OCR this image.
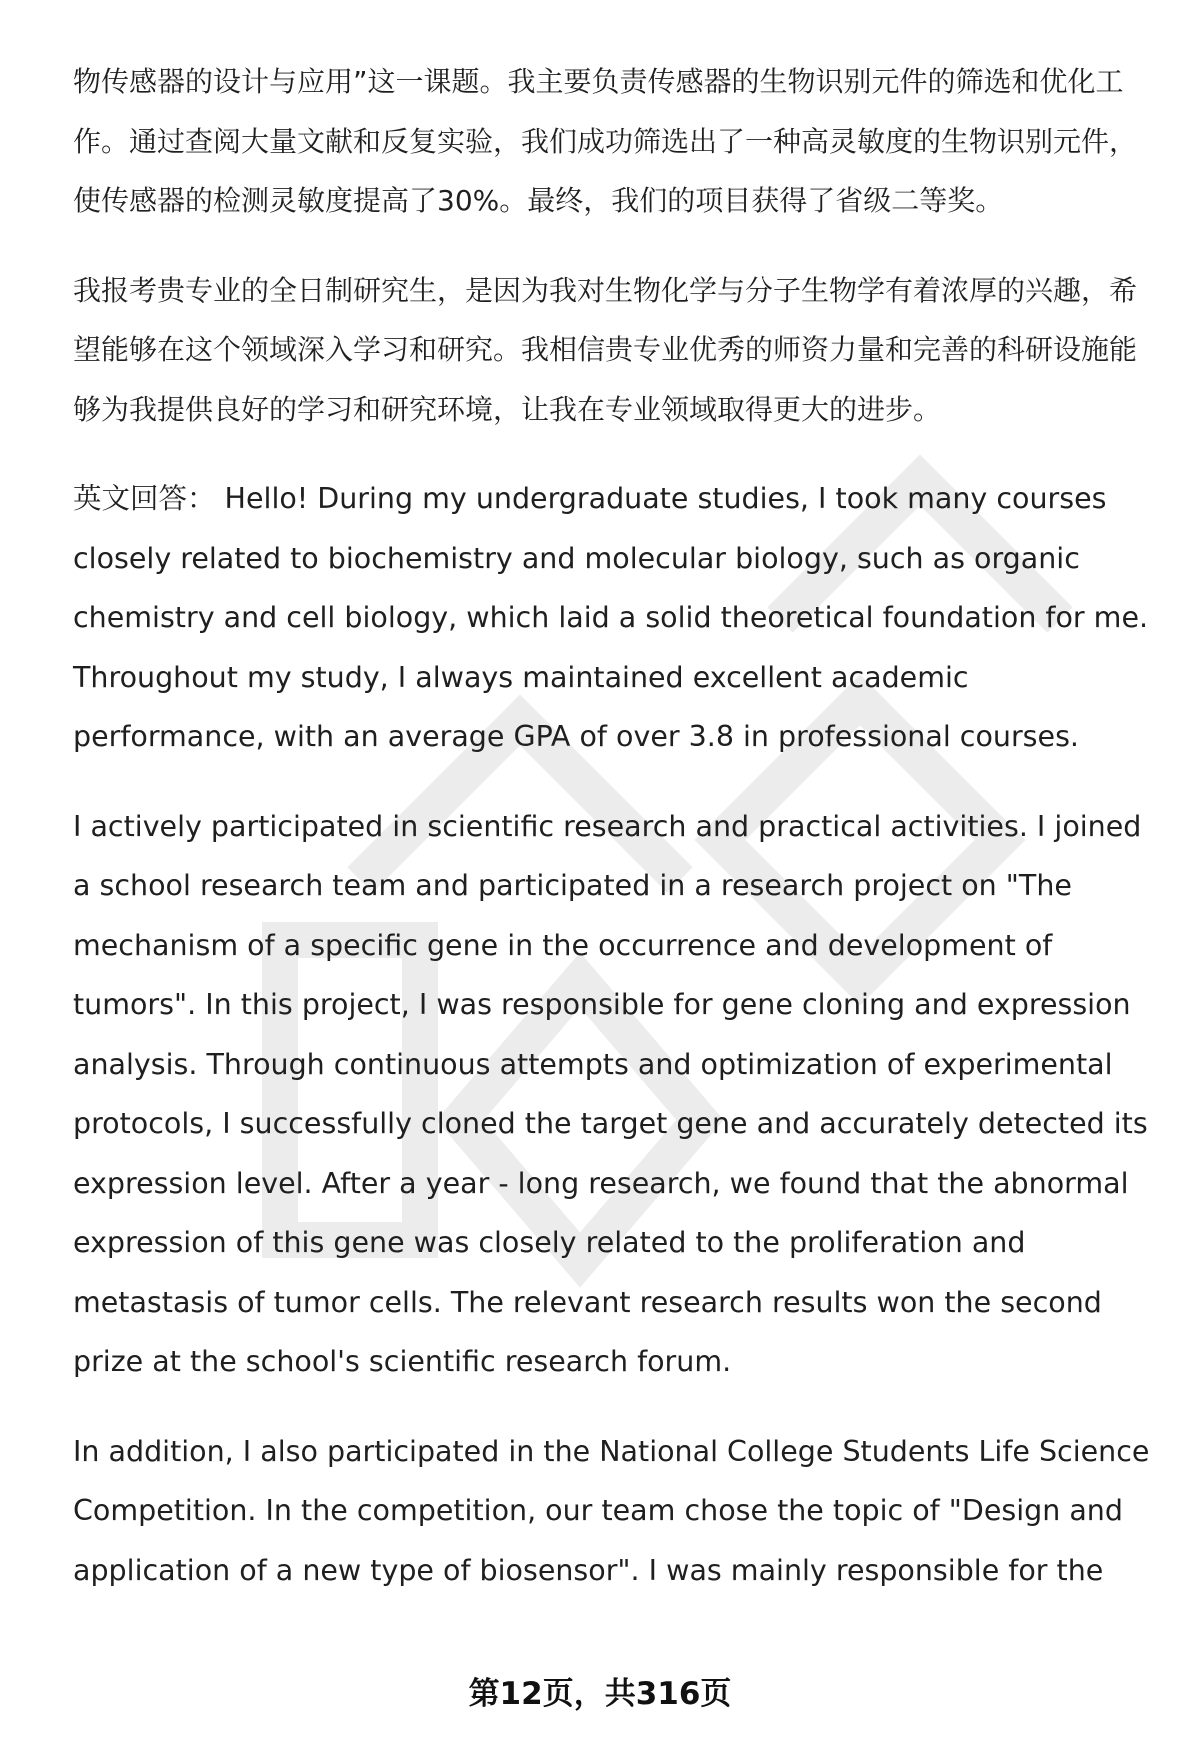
物传感器的设计与应用”这一课题。我主要负责传感器的生物识别元件的筛选和优化工作。通过查阅大量文献和反复实验，我们成功筛选出了一种高灵敏度的生物识别元件，使传感器的检测灵敏度提高了30%。最终，我们的项目获得了省级二等奖。

我报考贵专业的全日制研究生，是因为我对生物化学与分子生物学有着浓厚的兴趣，希望能够在这个领域深入学习和研究。我相信贵专业优秀的师资力量和完善的科研设施能够为我提供良好的学习和研究环境，让我在专业领域取得更大的进步。

英文回答： Hello! During my undergraduate studies, I took many courses closely related to biochemistry and molecular biology, such as organic chemistry and cell biology, which laid a solid theoretical foundation for me. Throughout my study, I always maintained excellent academic performance, with an average GPA of over 3.8 in professional courses.

I actively participated in scientific research and practical activities. I joined a school research team and participated in a research project on "The mechanism of a specific gene in the occurrence and development of tumors". In this project, I was responsible for gene cloning and expression analysis. Through continuous attempts and optimization of experimental protocols, I successfully cloned the target gene and accurately detected its expression level. After a year - long research, we found that the abnormal expression of this gene was closely related to the proliferation and metastasis of tumor cells. The relevant research results won the second prize at the school's scientific research forum.

In addition, I also participated in the National College Students Life Science Competition. In the competition, our team chose the topic of "Design and application of a new type of biosensor". I was mainly responsible for the

第12页，共316页
